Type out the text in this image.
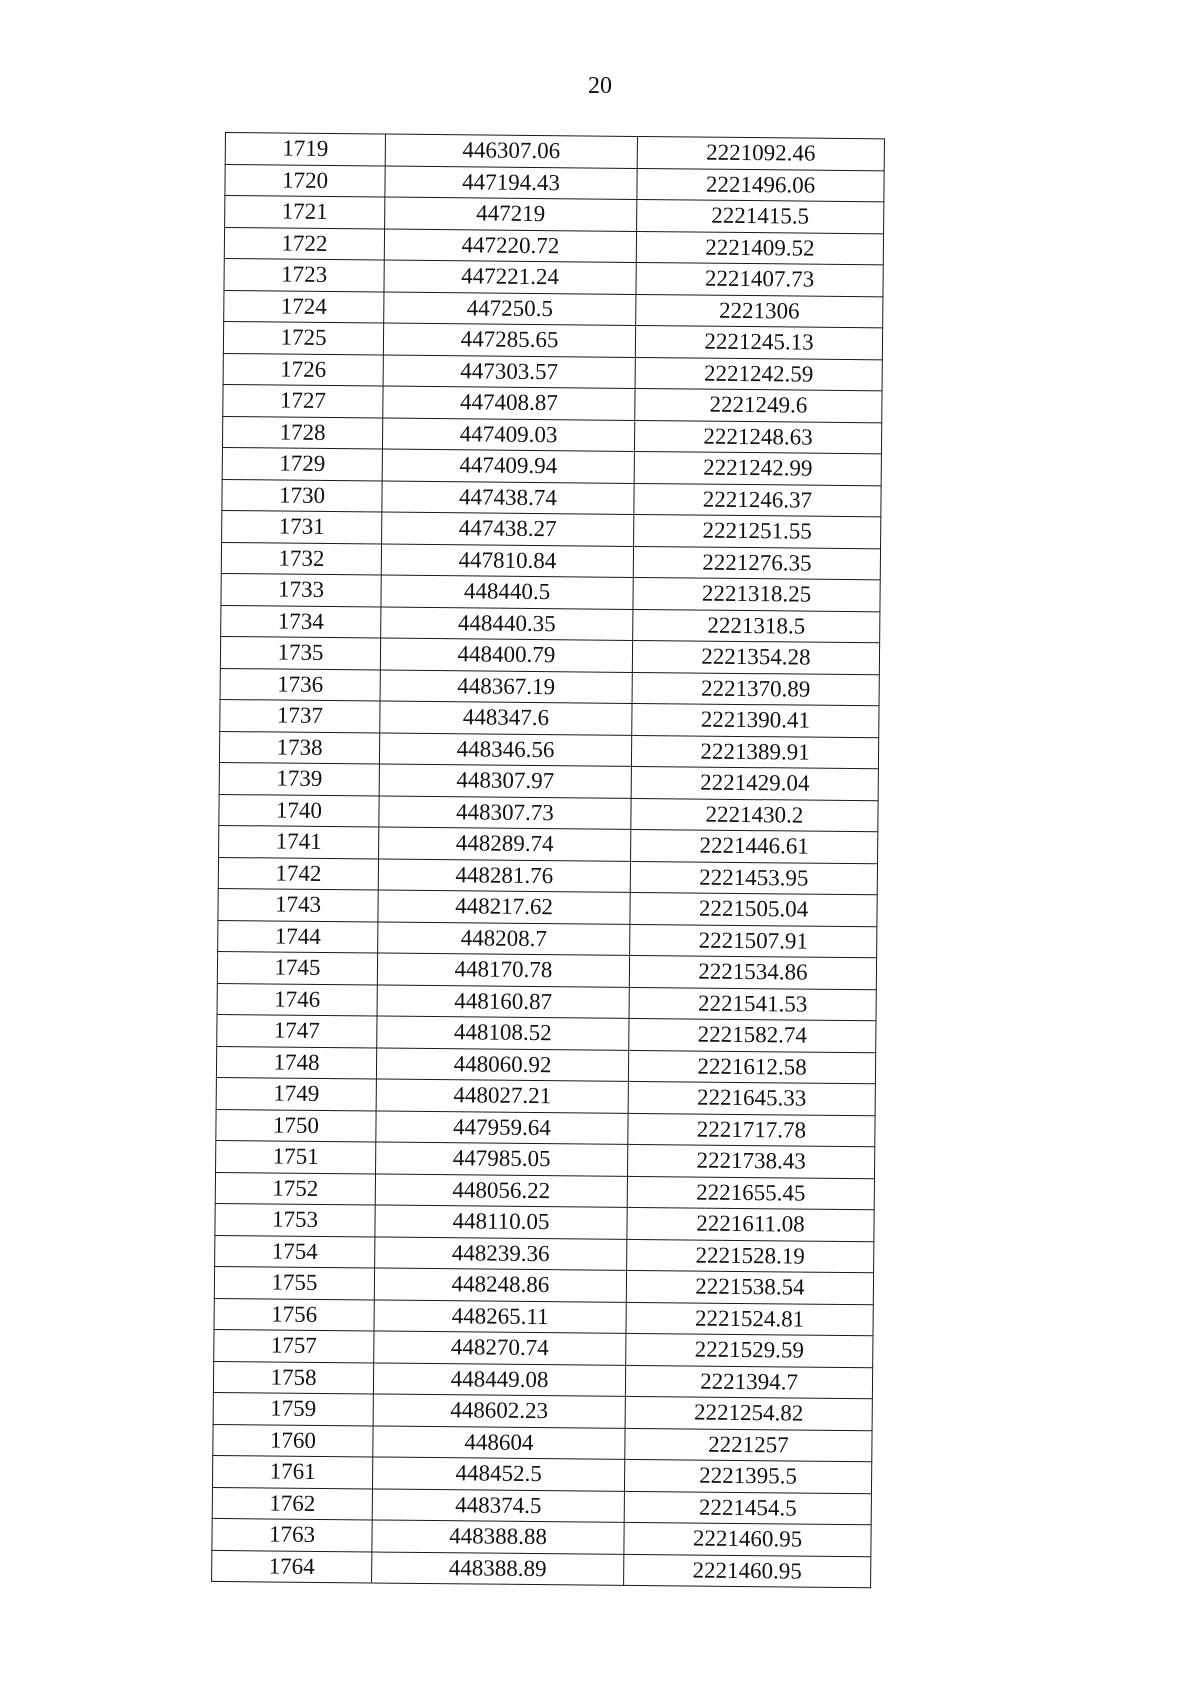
20
1719	446307.06	2221092.46
1720	447194.43	2221496.06
1721	447219	2221415.5
1722	447220.72	2221409.52
1723	447221.24	2221407.73
1724	447250.5	2221306
1725	447285.65	2221245.13
1726	447303.57	2221242.59
1727	447408.87	2221249.6
1728	447409.03	2221248.63
1729	447409.94	2221242.99
1730	447438.74	2221246.37
1731	447438.27	2221251.55
1732	447810.84	2221276.35
1733	448440.5	2221318.25
1734	448440.35	2221318.5
1735	448400.79	2221354.28
1736	448367.19	2221370.89
1737	448347.6	2221390.41
1738	448346.56	2221389.91
1739	448307.97	2221429.04
1740	448307.73	2221430.2
1741	448289.74	2221446.61
1742	448281.76	2221453.95
1743	448217.62	2221505.04
1744	448208.7	2221507.91
1745	448170.78	2221534.86
1746	448160.87	2221541.53
1747	448108.52	2221582.74
1748	448060.92	2221612.58
1749	448027.21	2221645.33
1750	447959.64	2221717.78
1751	447985.05	2221738.43
1752	448056.22	2221655.45
1753	448110.05	2221611.08
1754	448239.36	2221528.19
1755	448248.86	2221538.54
1756	448265.11	2221524.81
1757	448270.74	2221529.59
1758	448449.08	2221394.7
1759	448602.23	2221254.82
1760	448604	2221257
1761	448452.5	2221395.5
1762	448374.5	2221454.5
1763	448388.88	2221460.95
1764	448388.89	2221460.95
